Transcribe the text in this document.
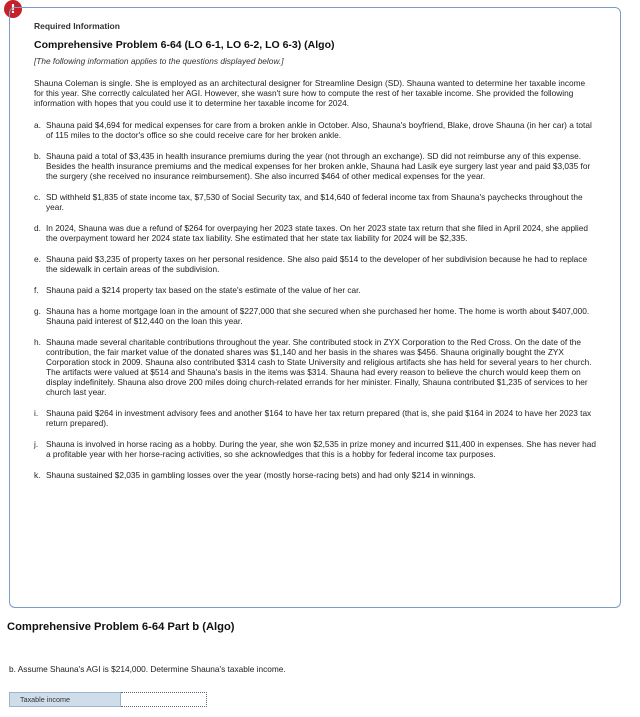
!

Required Information

Comprehensive Problem 6-64 (LO 6-1, LO 6-2, LO 6-3) (Algo)

[The following information applies to the questions displayed below.]

Shauna Coleman is single. She is employed as an architectural designer for Streamline Design (SD). Shauna wanted to determine her taxable income for this year. She correctly calculated her AGI. However, she wasn't sure how to compute the rest of her taxable income. She provided the following information with hopes that you could use it to determine her taxable income for 2024.

a. Shauna paid $4,694 for medical expenses for care from a broken ankle in October. Also, Shauna's boyfriend, Blake, drove Shauna (in her car) a total of 115 miles to the doctor's office so she could receive care for her broken ankle.
b. Shauna paid a total of $3,435 in health insurance premiums during the year (not through an exchange). SD did not reimburse any of this expense. Besides the health insurance premiums and the medical expenses for her broken ankle, Shauna had Lasik eye surgery last year and paid $3,035 for the surgery (she received no insurance reimbursement). She also incurred $464 of other medical expenses for the year.
c. SD withheld $1,835 of state income tax, $7,530 of Social Security tax, and $14,640 of federal income tax from Shauna's paychecks throughout the year.
d. In 2024, Shauna was due a refund of $264 for overpaying her 2023 state taxes. On her 2023 state tax return that she filed in April 2024, she applied the overpayment toward her 2024 state tax liability. She estimated that her state tax liability for 2024 will be $2,335.
e. Shauna paid $3,235 of property taxes on her personal residence. She also paid $514 to the developer of her subdivision because he had to replace the sidewalk in certain areas of the subdivision.
f. Shauna paid a $214 property tax based on the state's estimate of the value of her car.
g. Shauna has a home mortgage loan in the amount of $227,000 that she secured when she purchased her home. The home is worth about $407,000. Shauna paid interest of $12,440 on the loan this year.
h. Shauna made several charitable contributions throughout the year. She contributed stock in ZYX Corporation to the Red Cross. On the date of the contribution, the fair market value of the donated shares was $1,140 and her basis in the shares was $456. Shauna originally bought the ZYX Corporation stock in 2009. Shauna also contributed $314 cash to State University and religious artifacts she has held for several years to her church. The artifacts were valued at $514 and Shauna's basis in the items was $314. Shauna had every reason to believe the church would keep them on display indefinitely. Shauna also drove 200 miles doing church-related errands for her minister. Finally, Shauna contributed $1,235 of services to her church last year.
i. Shauna paid $264 in investment advisory fees and another $164 to have her tax return prepared (that is, she paid $164 in 2024 to have her 2023 tax return prepared).
j. Shauna is involved in horse racing as a hobby. During the year, she won $2,535 in prize money and incurred $11,400 in expenses. She has never had a profitable year with her horse-racing activities, so she acknowledges that this is a hobby for federal income tax purposes.
k. Shauna sustained $2,035 in gambling losses over the year (mostly horse-racing bets) and had only $214 in winnings.
Comprehensive Problem 6-64 Part b (Algo)

b. Assume Shauna's AGI is $214,000. Determine Shauna's taxable income.

Taxable income
